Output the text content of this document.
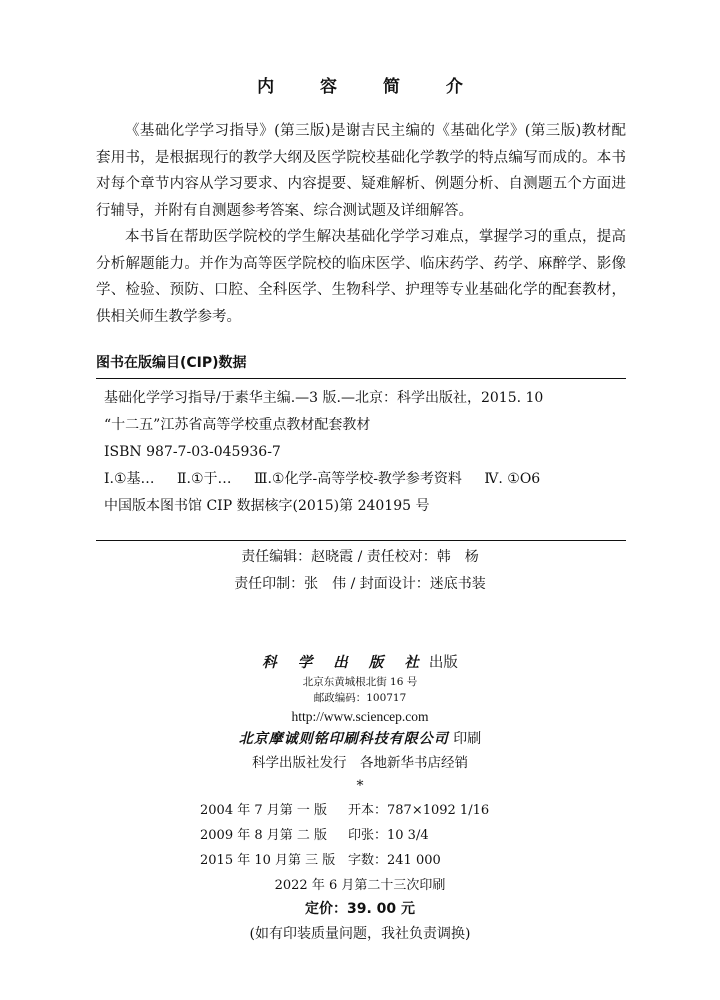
内 容 简 介

《基础化学学习指导》(第三版)是谢吉民主编的《基础化学》(第三版)教材配套用书，是根据现行的教学大纲及医学院校基础化学教学的特点编写而成的。本书对每个章节内容从学习要求、内容提要、疑难解析、例题分析、自测题五个方面进行辅导，并附有自测题参考答案、综合测试题及详细解答。

本书旨在帮助医学院校的学生解决基础化学学习难点，掌握学习的重点，提高分析解题能力。并作为高等医学院校的临床医学、临床药学、药学、麻醉学、影像学、检验、预防、口腔、全科医学、生物科学、护理等专业基础化学的配套教材，供相关师生教学参考。

图书在版编目(CIP)数据
基础化学学习指导/于素华主编.—3 版.—北京：科学出版社，2015. 10
“十二五”江苏省高等学校重点教材配套教材
ISBN 987-7-03-045936-7
Ⅰ.①基… Ⅱ.①于… Ⅲ.①化学-高等学校-教学参考资料 Ⅳ. ①O6
中国版本图书馆 CIP 数据核字(2015)第 240195 号
责任编辑：赵晓霞 / 责任校对：韩　杨
责任印制：张　伟 / 封面设计：迷底书装
科 学 出 版 社 出版
北京东黄城根北街 16 号
邮政编码：100717
http://www.sciencep.com
北京摩诚则铭印刷科技有限公司 印刷
科学出版社发行　各地新华书店经销
*
2004 年 7 月第 一 版 开本：787×1092 1/16
2009 年 8 月第 二 版 印张：10 3/4
2015 年 10 月第 三 版 字数：241 000
2022 年 6 月第二十三次印刷
定价：39. 00 元
(如有印装质量问题，我社负责调换)
